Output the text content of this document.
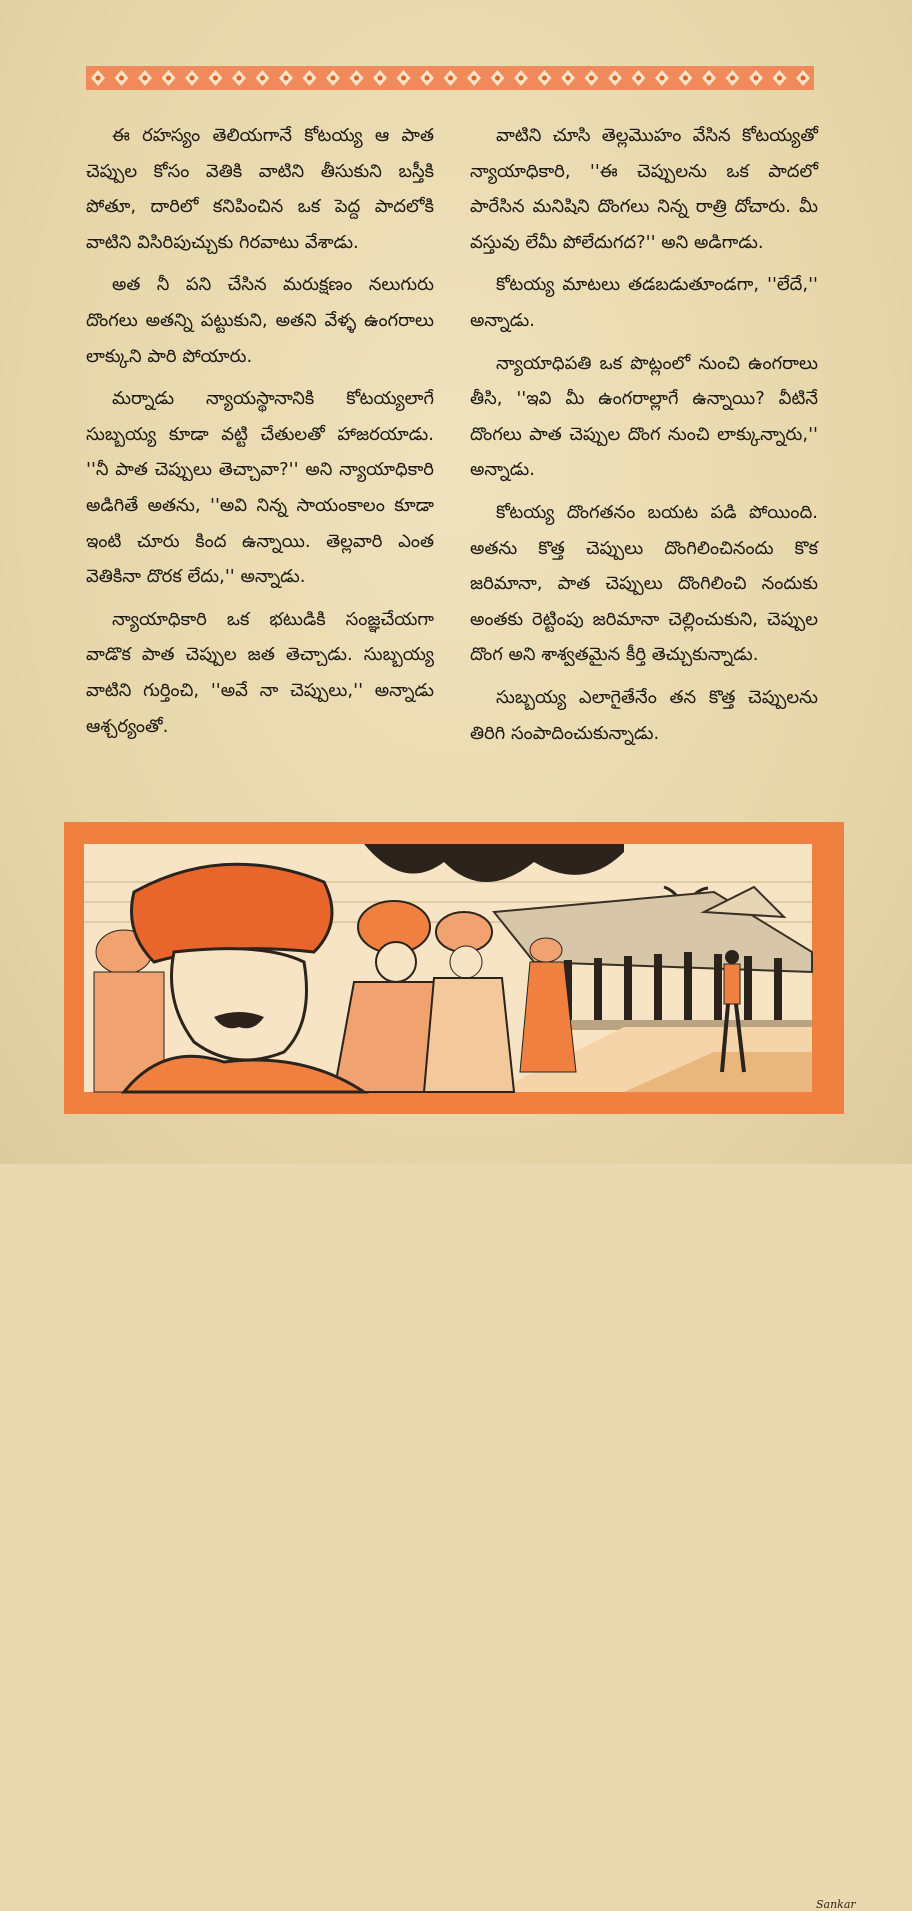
ఈ రహస్యం తెలియగానే కోటయ్య ఆ పాత చెప్పుల కోసం వెతికి వాటిని తీసుకుని బస్తీకి పోతూ, దారిలో కనిపించిన ఒక పెద్ద పాదలోకి వాటిని విసిరిపుచ్చుకు గిరవాటు వేశాడు.

అత నీ పని చేసిన మరుక్షణం నలుగురు దొంగలు అతన్ని పట్టుకుని, అతని వేళ్ళ ఉంగరాలు లాక్కుని పారి పోయారు.

మర్నాడు న్యాయస్థానానికి కోటయ్యలాగే సుబ్బయ్య కూడా వట్టి చేతులతో హాజరయాడు. ''నీ పాత చెప్పులు తెచ్చావా?'' అని న్యాయాధికారి అడిగితే అతను, ''అవి నిన్న సాయంకాలం కూడా ఇంటి చూరు కింద ఉన్నాయి. తెల్లవారి ఎంత వెతికినా దొరక లేదు,'' అన్నాడు.

న్యాయాధికారి ఒక భటుడికి సంజ్ఞచేయగా వాడొక పాత చెప్పుల జత తెచ్చాడు. సుబ్బయ్య వాటిని గుర్తించి, ''అవే నా చెప్పులు,'' అన్నాడు ఆశ్చర్యంతో.

వాటిని చూసి తెల్లమొహం వేసిన కోటయ్యతో న్యాయాధికారి, ''ఈ చెప్పులను ఒక పాదలో పారేసిన మనిషిని దొంగలు నిన్న రాత్రి దోచారు. మీ వస్తువు లేమీ పోలేదుగద?'' అని అడిగాడు.

కోటయ్య మాటలు తడబడుతూండగా, ''లేదే,'' అన్నాడు.

న్యాయాధిపతి ఒక పొట్లంలో నుంచి ఉంగరాలు తీసి, ''ఇవి మీ ఉంగరాల్లాగే ఉన్నాయి? వీటినే దొంగలు పాత చెప్పుల దొంగ నుంచి లాక్కున్నారు,'' అన్నాడు.

కోటయ్య దొంగతనం బయట పడి పోయింది. అతను కొత్త చెప్పులు దొంగిలించినందు కొక జరిమానా, పాత చెప్పులు దొంగిలించి నందుకు అంతకు రెట్టింపు జరిమానా చెల్లించుకుని, చెప్పుల దొంగ అని శాశ్వతమైన కీర్తి తెచ్చుకున్నాడు.

సుబ్బయ్య ఎలాగైతేనేం తన కొత్త చెప్పులను తిరిగి సంపాదించుకున్నాడు.

Sankar
